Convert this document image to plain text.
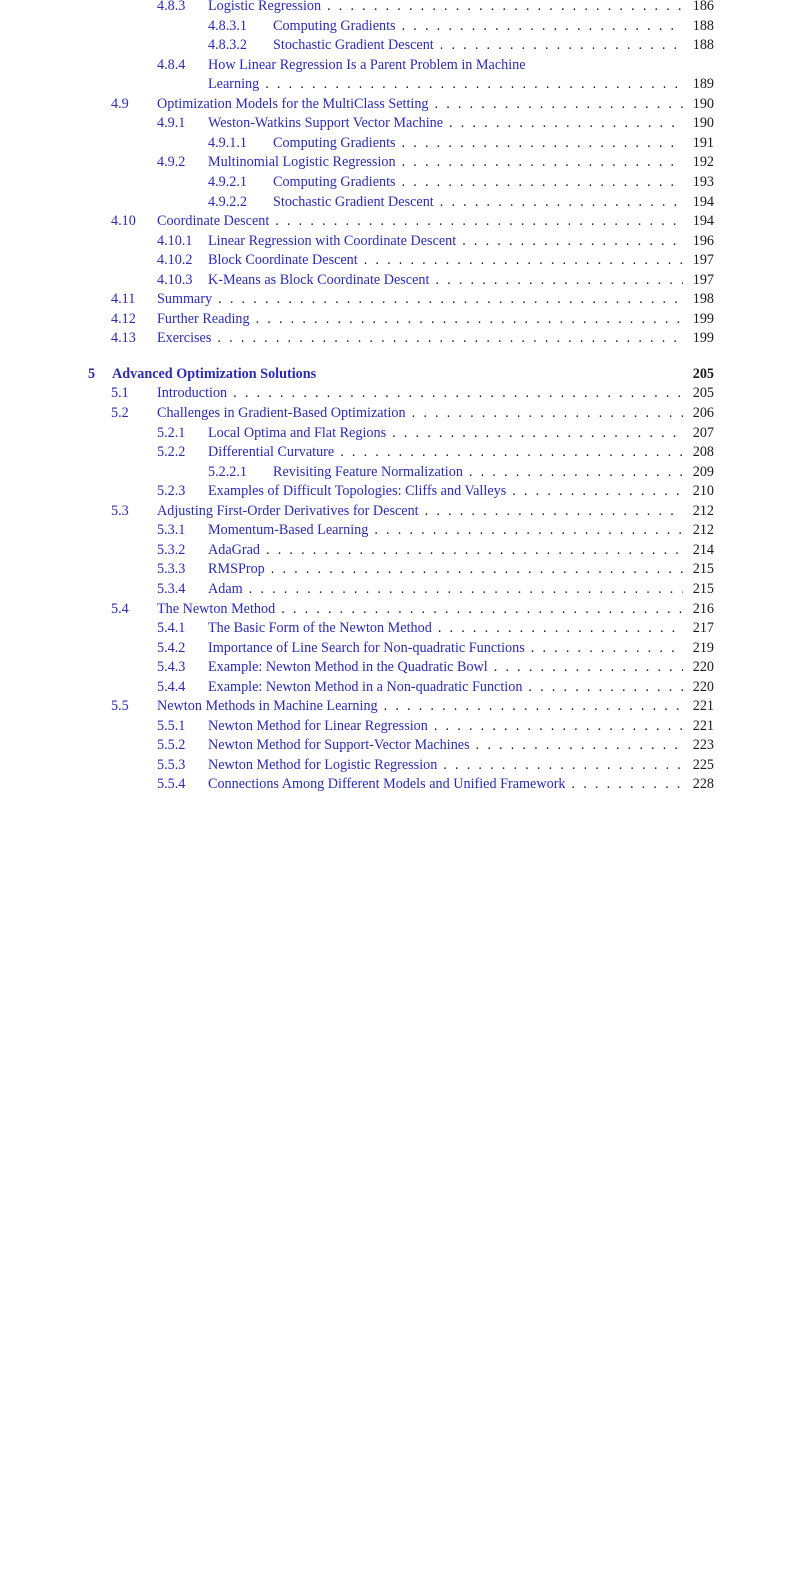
4.8.3 Logistic Regression . . .	186
4.8.3.1 Computing Gradients . . .	188
4.8.3.2 Stochastic Gradient Descent . . .	188
4.8.4 How Linear Regression Is a Parent Problem in Machine
Learning . . .	189
4.9 Optimization Models for the MultiClass Setting . . .	190
4.9.1 Weston-Watkins Support Vector Machine . . .	190
4.9.1.1 Computing Gradients . . .	191
4.9.2 Multinomial Logistic Regression . . .	192
4.9.2.1 Computing Gradients . . .	193
4.9.2.2 Stochastic Gradient Descent . . .	194
4.10 Coordinate Descent . . .	194
4.10.1 Linear Regression with Coordinate Descent . . .	196
4.10.2 Block Coordinate Descent . . .	197
4.10.3 K-Means as Block Coordinate Descent . . .	197
4.11 Summary . . .	198
4.12 Further Reading . . .	199
4.13 Exercises . . .	199
5 Advanced Optimization Solutions	205
5.1 Introduction . . .	205
5.2 Challenges in Gradient-Based Optimization . . .	206
5.2.1 Local Optima and Flat Regions . . .	207
5.2.2 Differential Curvature . . .	208
5.2.2.1 Revisiting Feature Normalization . . .	209
5.2.3 Examples of Difficult Topologies: Cliffs and Valleys . . .	210
5.3 Adjusting First-Order Derivatives for Descent . . .	212
5.3.1 Momentum-Based Learning . . .	212
5.3.2 AdaGrad . . .	214
5.3.3 RMSProp . . .	215
5.3.4 Adam . . .	215
5.4 The Newton Method . . .	216
5.4.1 The Basic Form of the Newton Method . . .	217
5.4.2 Importance of Line Search for Non-quadratic Functions . . .	219
5.4.3 Example: Newton Method in the Quadratic Bowl . . .	220
5.4.4 Example: Newton Method in a Non-quadratic Function . . .	220
5.5 Newton Methods in Machine Learning . . .	221
5.5.1 Newton Method for Linear Regression . . .	221
5.5.2 Newton Method for Support-Vector Machines . . .	223
5.5.3 Newton Method for Logistic Regression . . .	225
5.5.4 Connections Among Different Models and Unified Framework . . .	228
